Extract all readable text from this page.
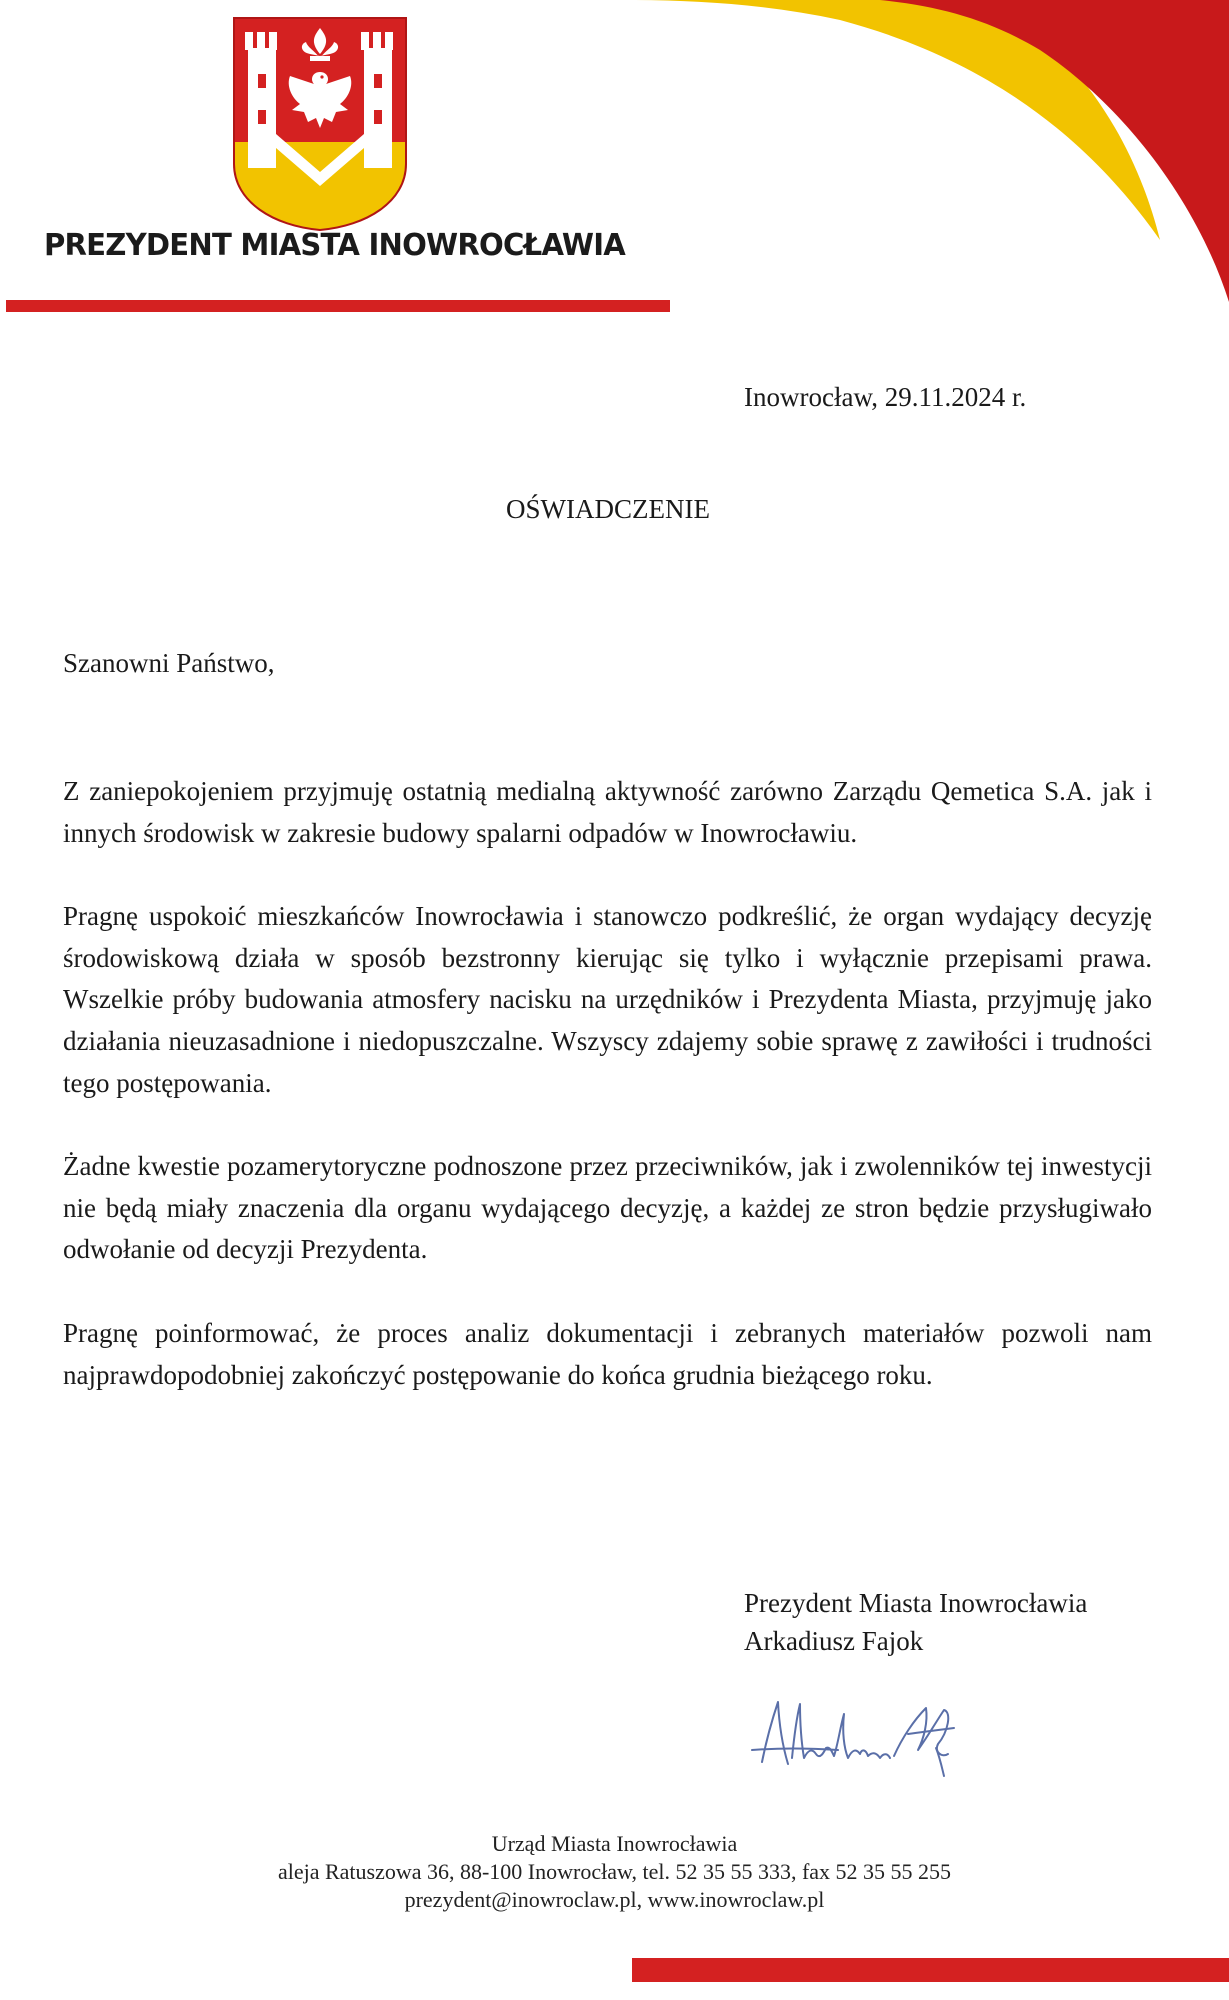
PREZYDENT MIASTA INOWROCŁAWIA

Inowrocław, 29.11.2024 r.

OŚWIADCZENIE

Szanowni Państwo,

Z zaniepokojeniem przyjmuję ostatnią medialną aktywność zarówno Zarządu Qemetica S.A. jak i innych środowisk w zakresie budowy spalarni odpadów w Inowrocławiu.

Pragnę uspokoić mieszkańców Inowrocławia i stanowczo podkreślić, że organ wydający decyzję środowiskową działa w sposób bezstronny kierując się tylko i wyłącznie przepisami prawa. Wszelkie próby budowania atmosfery nacisku na urzędników i Prezydenta Miasta, przyjmuję jako działania nieuzasadnione i niedopuszczalne. Wszyscy zdajemy sobie sprawę z zawiłości i trudności tego postępowania.

Żadne kwestie pozamerytoryczne podnoszone przez przeciwników, jak i zwolenników tej inwestycji nie będą miały znaczenia dla organu wydającego decyzję, a każdej ze stron będzie przysługiwało odwołanie od decyzji Prezydenta.

Pragnę poinformować, że proces analiz dokumentacji i zebranych materiałów pozwoli nam najprawdopodobniej zakończyć postępowanie do końca grudnia bieżącego roku.

Prezydent Miasta Inowrocławia
Arkadiusz Fajok
Urząd Miasta Inowrocławia
aleja Ratuszowa 36, 88-100 Inowrocław, tel. 52 35 55 333, fax 52 35 55 255
prezydent@inowroclaw.pl, www.inowroclaw.pl
